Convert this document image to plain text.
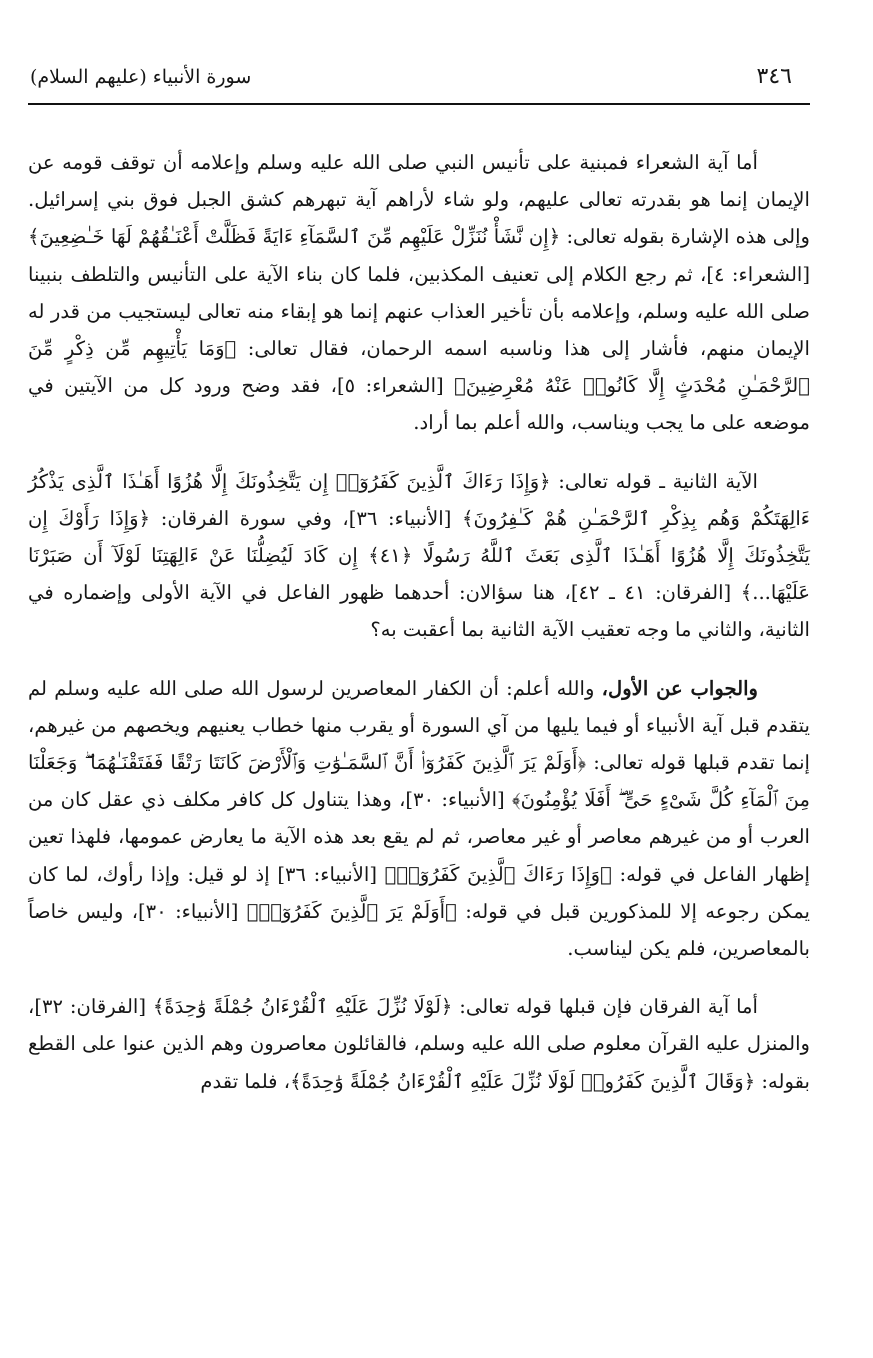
٣٤٦
سورة الأنبياء (عليهم السلام)

أما آية الشعراء فمبنية على تأنيس النبي صلى الله عليه وسلم وإعلامه أن توقف قومه عن الإيمان إنما هو بقدرته تعالى عليهم، ولو شاء لأراهم آية تبهرهم كشق الجبل فوق بني إسرائيل. وإلى هذه الإشارة بقوله تعالى: ﴿إِن نَّشَأْ نُنَزِّلْ عَلَيْهِم مِّنَ ٱلسَّمَآءِ ءَايَةً فَظَلَّتْ أَعْنَـٰقُهُمْ لَهَا خَـٰضِعِينَ﴾ [الشعراء: ٤]، ثم رجع الكلام إلى تعنيف المكذبين، فلما كان بناء الآية على التأنيس والتلطف بنبينا صلى الله عليه وسلم، وإعلامه بأن تأخير العذاب عنهم إنما هو إبقاء منه تعالى ليستجيب من قدر له الإيمان منهم، فأشار إلى هذا وناسبه اسمه الرحمان، فقال تعالى: ﴿وَمَا يَأْتِيهِم مِّن ذِكْرٍ مِّنَ ٱلرَّحْمَـٰنِ مُحْدَثٍ إِلَّا كَانُوا۟ عَنْهُ مُعْرِضِينَ﴾ [الشعراء: ٥]، فقد وضح ورود كل من الآيتين في موضعه على ما يجب ويناسب، والله أعلم بما أراد.

الآية الثانية ـ قوله تعالى: ﴿وَإِذَا رَءَاكَ ٱلَّذِينَ كَفَرُوٓا۟ إِن يَتَّخِذُونَكَ إِلَّا هُزُوًا أَهَـٰذَا ٱلَّذِى يَذْكُرُ ءَالِهَتَكُمْ وَهُم بِذِكْرِ ٱلرَّحْمَـٰنِ هُمْ كَـٰفِرُونَ﴾ [الأنبياء: ٣٦]، وفي سورة الفرقان: ﴿وَإِذَا رَأَوْكَ إِن يَتَّخِذُونَكَ إِلَّا هُزُوًا أَهَـٰذَا ٱلَّذِى بَعَثَ ٱللَّهُ رَسُولًا ﴿٤١﴾ إِن كَادَ لَيُضِلُّنَا عَنْ ءَالِهَتِنَا لَوْلَآ أَن صَبَرْنَا عَلَيْهَا...﴾ [الفرقان: ٤١ ـ ٤٢]، هنا سؤالان: أحدهما ظهور الفاعل في الآية الأولى وإضماره في الثانية، والثاني ما وجه تعقيب الآية الثانية بما أعقبت به؟

والجواب عن الأول، والله أعلم: أن الكفار المعاصرين لرسول الله صلى الله عليه وسلم لم يتقدم قبل آية الأنبياء أو فيما يليها من آي السورة أو يقرب منها خطاب يعنيهم ويخصهم من غيرهم، إنما تقدم قبلها قوله تعالى: ﴿أَوَلَمْ يَرَ ٱلَّذِينَ كَفَرُوٓا۟ أَنَّ ٱلسَّمَـٰوَٰتِ وَٱلْأَرْضَ كَانَتَا رَتْقًا فَفَتَقْنَـٰهُمَا ۖ وَجَعَلْنَا مِنَ ٱلْمَآءِ كُلَّ شَىْءٍ حَىٍّ ۖ أَفَلَا يُؤْمِنُونَ﴾ [الأنبياء: ٣٠]، وهذا يتناول كل كافر مكلف ذي عقل كان من العرب أو من غيرهم معاصر أو غير معاصر، ثم لم يقع بعد هذه الآية ما يعارض عمومها، فلهذا تعين إظهار الفاعل في قوله: ﴿وَإِذَا رَءَاكَ ٱلَّذِينَ كَفَرُوٓا۟﴾ [الأنبياء: ٣٦] إذ لو قيل: وإذا رأوك، لما كان يمكن رجوعه إلا للمذكورين قبل في قوله: ﴿أَوَلَمْ يَرَ ٱلَّذِينَ كَفَرُوٓا۟﴾ [الأنبياء: ٣٠]، وليس خاصاً بالمعاصرين، فلم يكن ليناسب.

أما آية الفرقان فإن قبلها قوله تعالى: ﴿لَوْلَا نُزِّلَ عَلَيْهِ ٱلْقُرْءَانُ جُمْلَةً وَٰحِدَةً﴾ [الفرقان: ٣٢]، والمنزل عليه القرآن معلوم صلى الله عليه وسلم، فالقائلون معاصرون وهم الذين عنوا على القطع بقوله: ﴿وَقَالَ ٱلَّذِينَ كَفَرُوا۟ لَوْلَا نُزِّلَ عَلَيْهِ ٱلْقُرْءَانُ جُمْلَةً وَٰحِدَةً﴾، فلما تقدم
